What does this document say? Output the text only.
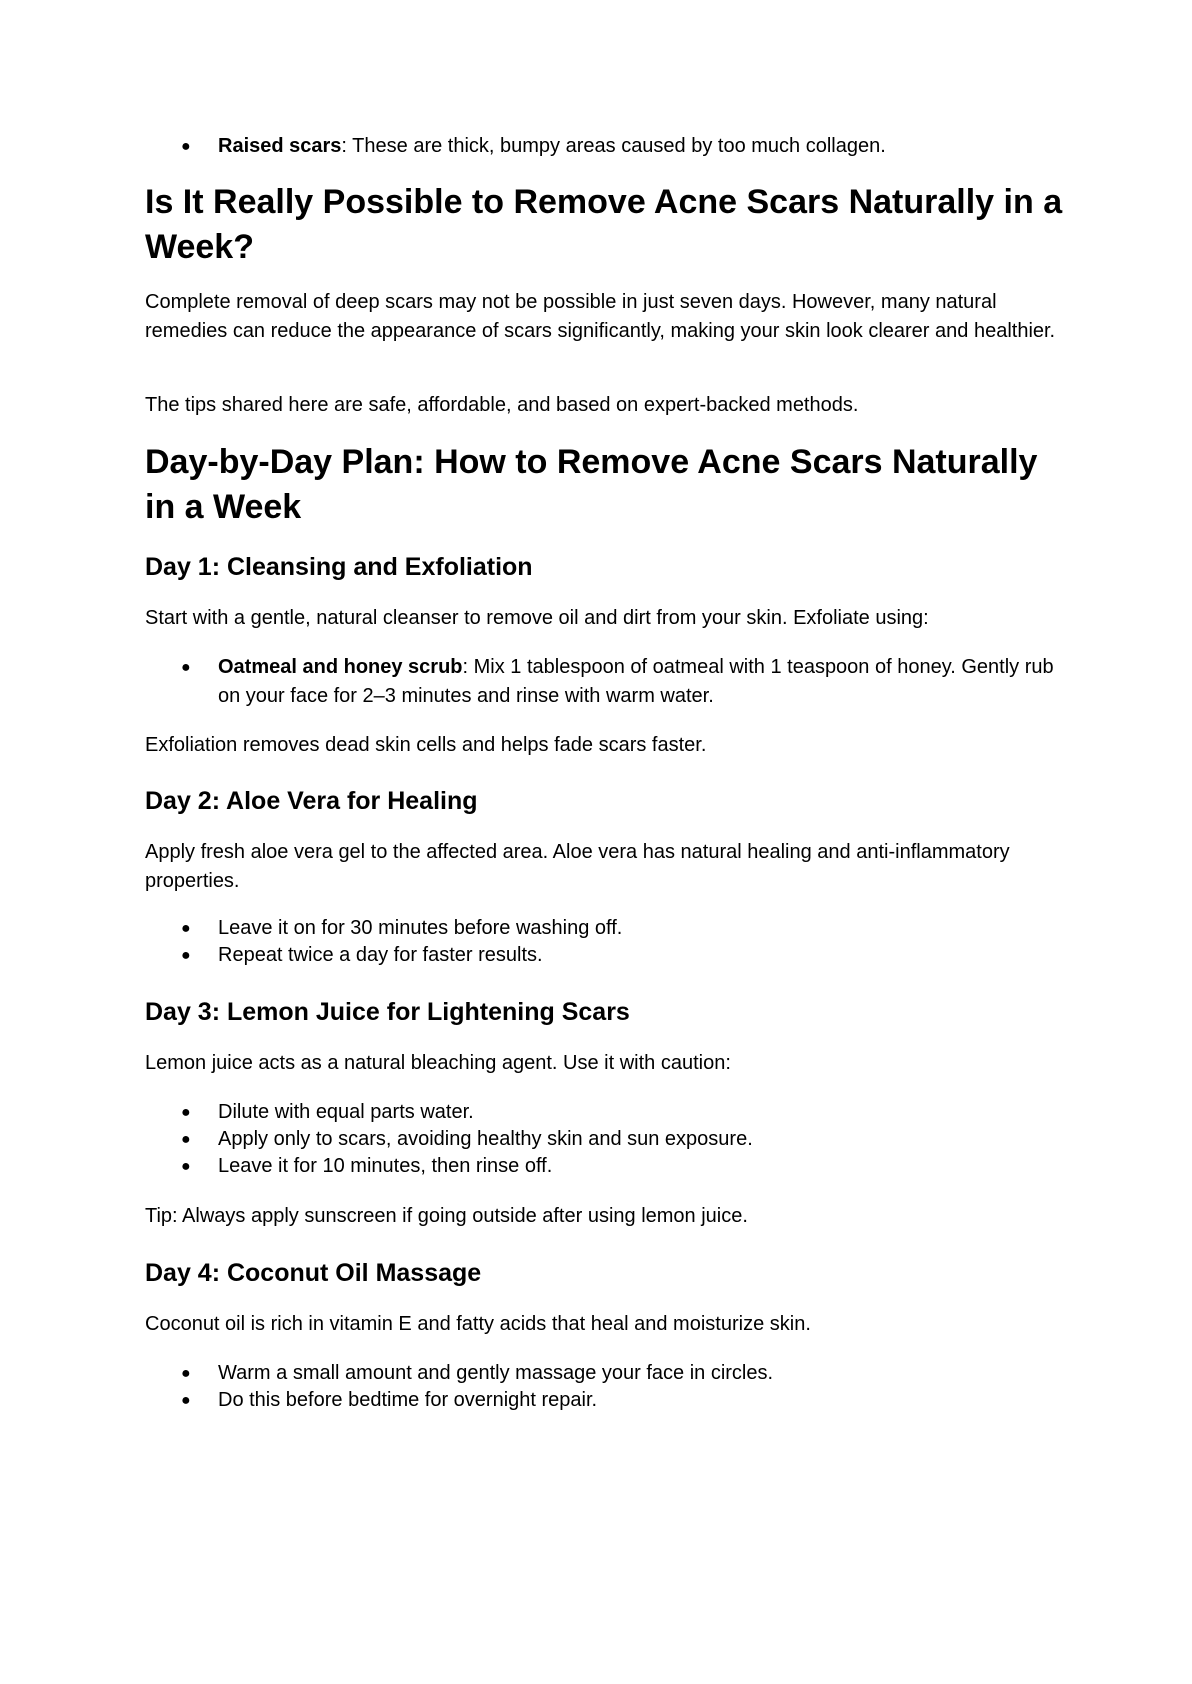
● Raised scars: These are thick, bumpy areas caused by too much collagen.
Is It Really Possible to Remove Acne Scars Naturally in a Week?
Complete removal of deep scars may not be possible in just seven days. However, many natural remedies can reduce the appearance of scars significantly, making your skin look clearer and healthier.
The tips shared here are safe, affordable, and based on expert-backed methods.
Day-by-Day Plan: How to Remove Acne Scars Naturally in a Week
Day 1: Cleansing and Exfoliation
Start with a gentle, natural cleanser to remove oil and dirt from your skin. Exfoliate using:
● Oatmeal and honey scrub: Mix 1 tablespoon of oatmeal with 1 teaspoon of honey. Gently rub on your face for 2–3 minutes and rinse with warm water.
Exfoliation removes dead skin cells and helps fade scars faster.
Day 2: Aloe Vera for Healing
Apply fresh aloe vera gel to the affected area. Aloe vera has natural healing and anti-inflammatory properties.
● Leave it on for 30 minutes before washing off.
● Repeat twice a day for faster results.
Day 3: Lemon Juice for Lightening Scars
Lemon juice acts as a natural bleaching agent. Use it with caution:
● Dilute with equal parts water.
● Apply only to scars, avoiding healthy skin and sun exposure.
● Leave it for 10 minutes, then rinse off.
Tip: Always apply sunscreen if going outside after using lemon juice.
Day 4: Coconut Oil Massage
Coconut oil is rich in vitamin E and fatty acids that heal and moisturize skin.
● Warm a small amount and gently massage your face in circles.
● Do this before bedtime for overnight repair.
